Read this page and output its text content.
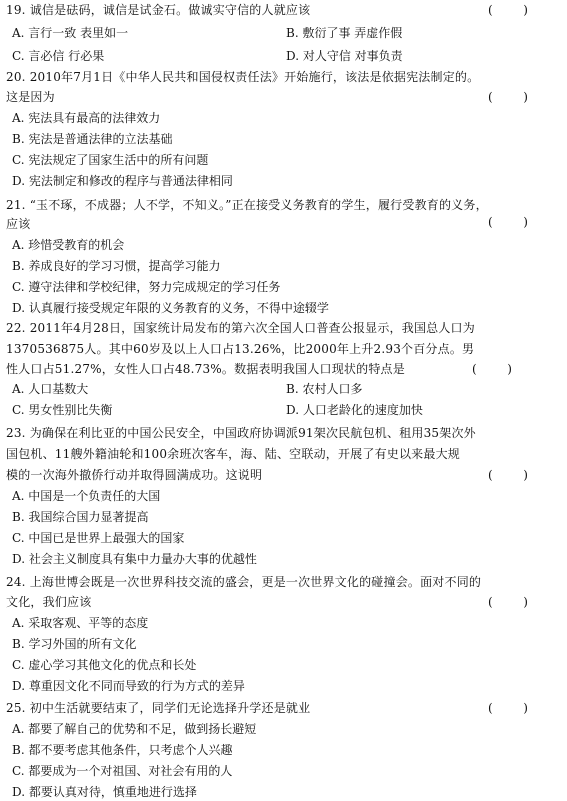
19. 诚信是砝码，诚信是试金石。做诚实守信的人就应该	(        )
A. 言行一致 表里如一	B. 敷衍了事 弄虚作假
C. 言必信 行必果	D. 对人守信 对事负责
20. 2010年7月1日《中华人民共和国侵权责任法》开始施行，该法是依据宪法制定的。
这是因为	(        )
A. 宪法具有最高的法律效力
B. 宪法是普通法律的立法基础
C. 宪法规定了国家生活中的所有问题
D. 宪法制定和修改的程序与普通法律相同
21. “玉不琢，不成器；人不学，不知义。”正在接受义务教育的学生，履行受教育的义务，
应该	(        )
A. 珍惜受教育的机会
B. 养成良好的学习习惯，提高学习能力
C. 遵守法律和学校纪律，努力完成规定的学习任务
D. 认真履行接受规定年限的义务教育的义务，不得中途辍学
22. 2011年4月28日，国家统计局发布的第六次全国人口普查公报显示，我国总人口为
1370536875人。其中60岁及以上人口占13.26%，比2000年上升2.93个百分点。男
性人口占51.27%，女性人口占48.73%。数据表明我国人口现状的特点是	(        )
A. 人口基数大	B. 农村人口多
C. 男女性别比失衡	D. 人口老龄化的速度加快
23. 为确保在利比亚的中国公民安全，中国政府协调派91架次民航包机、租用35架次外
国包机、11艘外籍油轮和100余班次客车，海、陆、空联动，开展了有史以来最大规
模的一次海外撤侨行动并取得圆满成功。这说明	(        )
A. 中国是一个负责任的大国
B. 我国综合国力显著提高
C. 中国已是世界上最强大的国家
D. 社会主义制度具有集中力量办大事的优越性
24. 上海世博会既是一次世界科技交流的盛会，更是一次世界文化的碰撞会。面对不同的
文化，我们应该	(        )
A. 采取客观、平等的态度
B. 学习外国的所有文化
C. 虚心学习其他文化的优点和长处
D. 尊重因文化不同而导致的行为方式的差异
25. 初中生活就要结束了，同学们无论选择升学还是就业	(        )
A. 都要了解自己的优势和不足，做到扬长避短
B. 都不要考虑其他条件，只考虑个人兴趣
C. 都要成为一个对祖国、对社会有用的人
D. 都要认真对待，慎重地进行选择
